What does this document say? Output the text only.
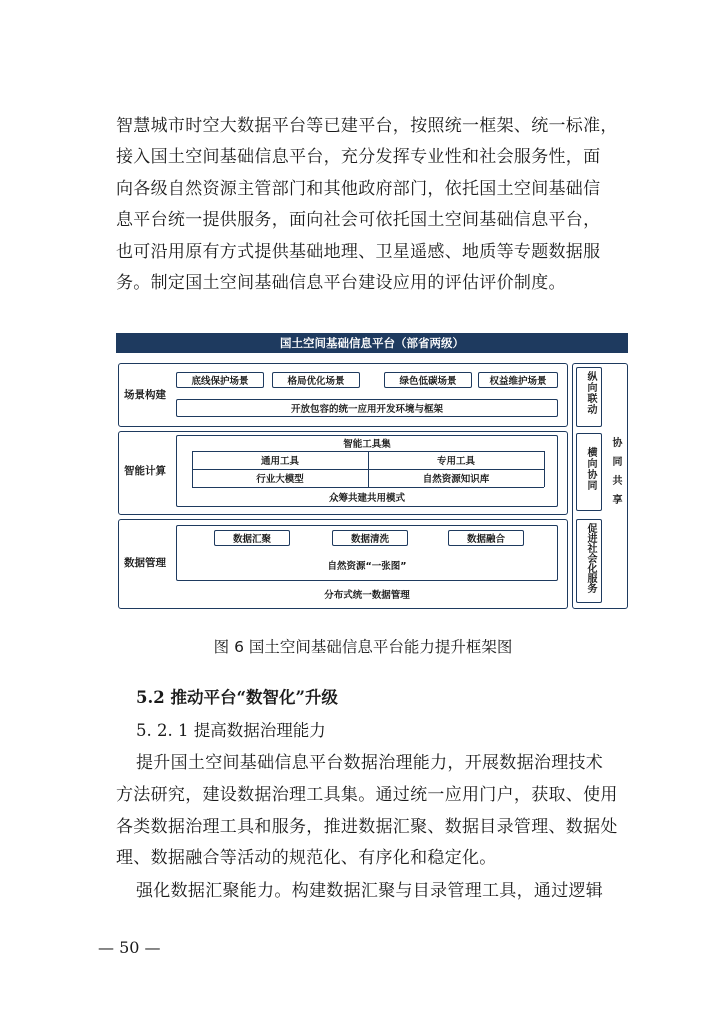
智慧城市时空大数据平台等已建平台，按照统一框架、统一标准，
接入国土空间基础信息平台，充分发挥专业性和社会服务性，面
向各级自然资源主管部门和其他政府部门，依托国土空间基础信
息平台统一提供服务，面向社会可依托国土空间基础信息平台，
也可沿用原有方式提供基础地理、卫星遥感、地质等专题数据服
务。制定国土空间基础信息平台建设应用的评估评价制度。
国土空间基础信息平台（部省两级）
场景构建
底线保护场景	格局优化场景	绿色低碳场景	权益维护场景
开放包容的统一应用开发环境与框架
智能计算
智能工具集
通用工具	专用工具
行业大模型	自然资源知识库
众筹共建共用模式
数据管理
数据汇聚	数据清洗	数据融合
自然资源“一张图”
分布式统一数据管理
纵向联动
横向协同
促进社会化服务
协同共享
图 6 国土空间基础信息平台能力提升框架图
5.2 推动平台“数智化”升级
5. 2. 1 提高数据治理能力
提升国土空间基础信息平台数据治理能力，开展数据治理技术
方法研究，建设数据治理工具集。通过统一应用门户，获取、使用
各类数据治理工具和服务，推进数据汇聚、数据目录管理、数据处
理、数据融合等活动的规范化、有序化和稳定化。
强化数据汇聚能力。构建数据汇聚与目录管理工具，通过逻辑
— 50 —
